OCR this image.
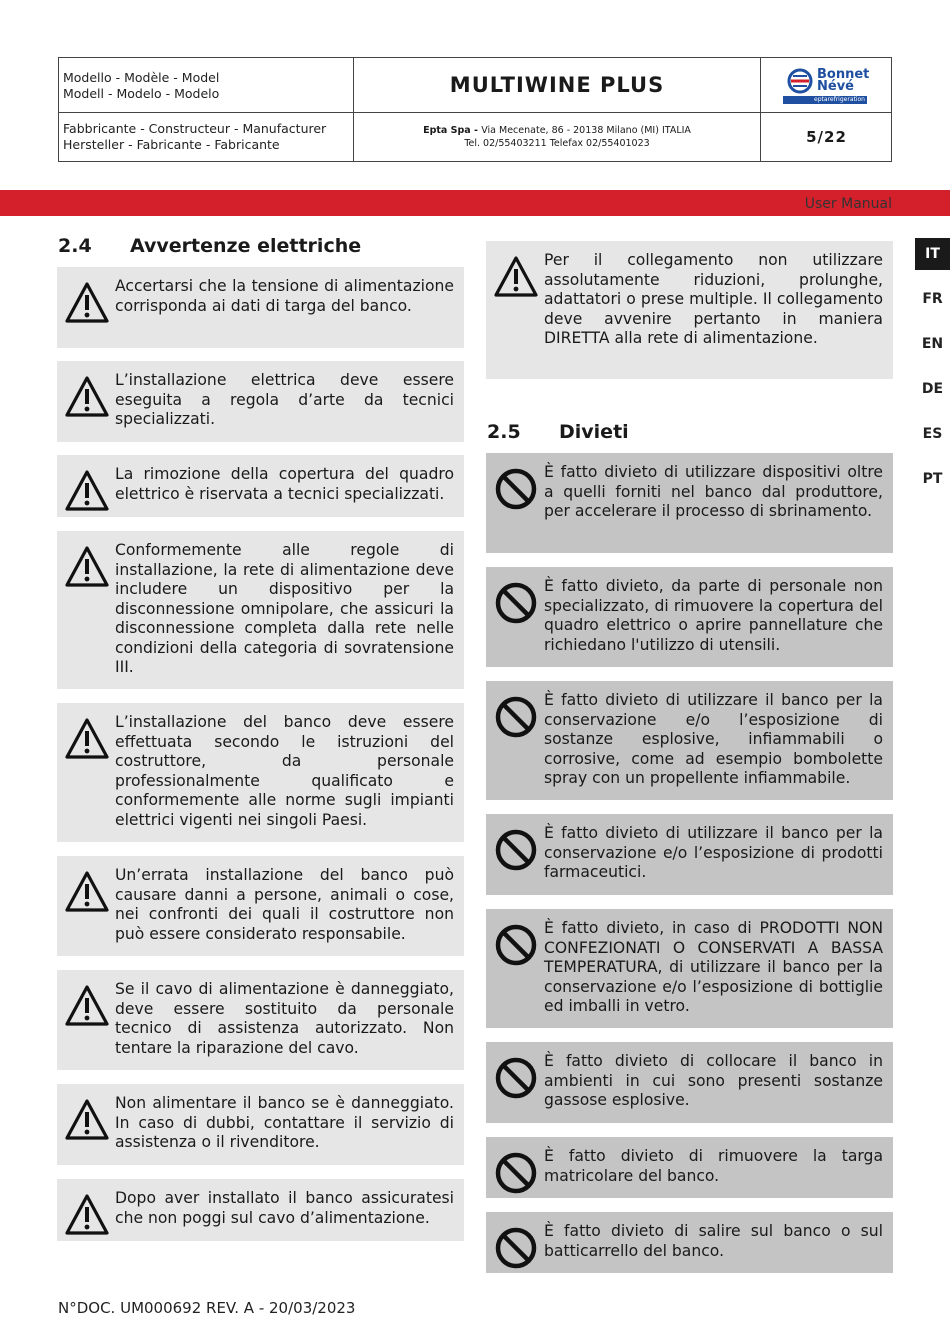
Modello - Modèle - Model
Modell - Modelo - Modelo	MULTIWINE PLUS	Bonnet
Névé
eptarefrigeration
Fabbricante - Constructeur - Manufacturer
Hersteller - Fabricante - Fabricante
Epta Spa - Via Mecenate, 86 - 20138 Milano (MI) ITALIA
Tel. 02/55403211 Telefax 02/55401023	5/22
User Manual
IT
FR
EN
DE
ES
PT
2.4 Avvertenze elettriche
Accertarsi che la tensione di alimentazione corrisponda ai dati di targa del banco.
L’installazione elettrica deve essere eseguita a regola d’arte da tecnici specializzati.
La rimozione della copertura del quadro elettrico è riservata a tecnici specializzati.
Conformemente alle regole di installazione, la rete di alimentazione deve includere un dispositivo per la disconnessione omnipolare, che assicuri la disconnessione completa dalla rete nelle condizioni della categoria di sovratensione III.
L’installazione del banco deve essere effettuata secondo le istruzioni del costruttore, da personale professionalmente qualificato e conformemente alle norme sugli impianti elettrici vigenti nei singoli Paesi.
Un’errata installazione del banco può causare danni a persone, animali o cose, nei confronti dei quali il costruttore non può essere considerato responsabile.
Se il cavo di alimentazione è danneggiato, deve essere sostituito da personale tecnico di assistenza autorizzato. Non tentare la riparazione del cavo.
Non alimentare il banco se è danneggiato. In caso di dubbi, contattare il servizio di assistenza o il rivenditore.
Dopo aver installato il banco assicuratesi che non poggi sul cavo d’alimentazione.
Per il collegamento non utilizzare assolutamente riduzioni, prolunghe, adattatori o prese multiple. Il collegamento deve avvenire pertanto in maniera DIRETTA alla rete di alimentazione.
2.5 Divieti
È fatto divieto di utilizzare dispositivi oltre a quelli forniti nel banco dal produttore, per accelerare il processo di sbrinamento.
È fatto divieto, da parte di personale non specializzato, di rimuovere la copertura del quadro elettrico o aprire pannellature che richiedano l'utilizzo di utensili.
È fatto divieto di utilizzare il banco per la conservazione e/o l’esposizione di sostanze esplosive, infiammabili o corrosive, come ad esempio bombolette spray con un propellente infiammabile.
È fatto divieto di utilizzare il banco per la conservazione e/o l’esposizione di prodotti farmaceutici.
È fatto divieto, in caso di PRODOTTI NON CONFEZIONATI O CONSERVATI A BASSA TEMPERATURA, di utilizzare il banco per la conservazione e/o l’esposizione di bottiglie ed imballi in vetro.
È fatto divieto di collocare il banco in ambienti in cui sono presenti sostanze gassose esplosive.
È fatto divieto di rimuovere la targa matricolare del banco.
È fatto divieto di salire sul banco o sul batticarrello del banco.
N°DOC. UM000692 REV. A - 20/03/2023
